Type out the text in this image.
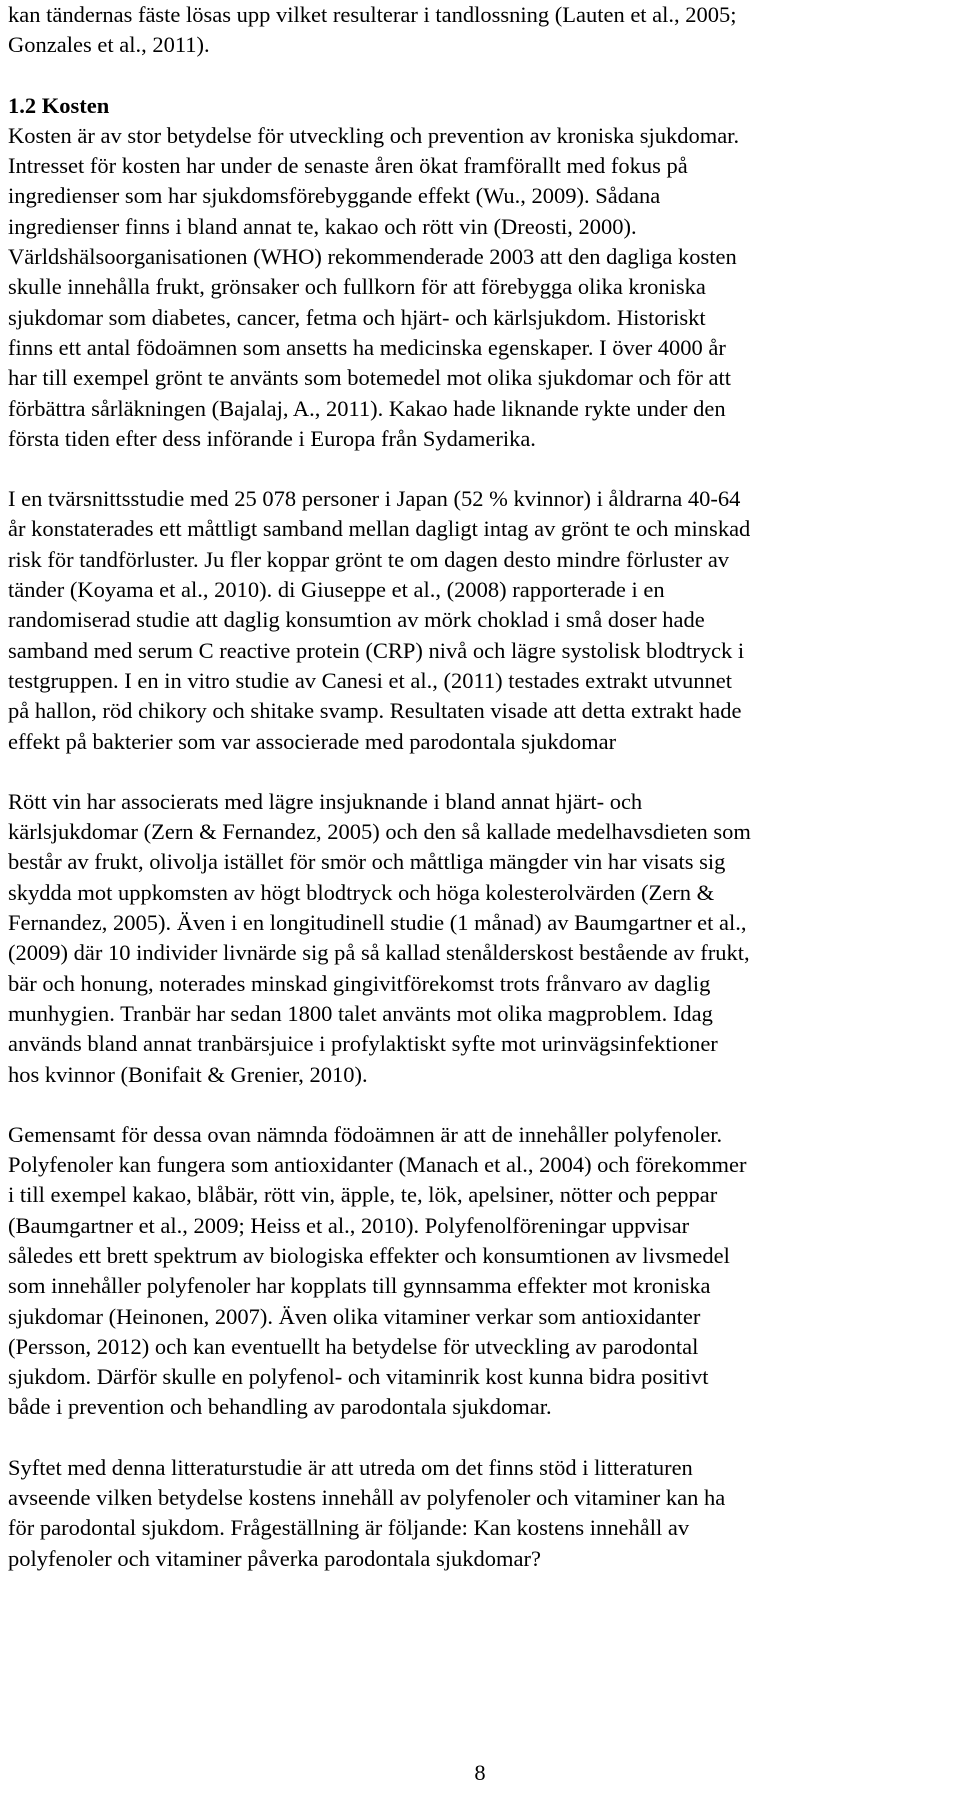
kan tändernas fäste lösas upp vilket resulterar i tandlossning (Lauten et al., 2005;
Gonzales et al., 2011).

1.2 Kosten

Kosten är av stor betydelse för utveckling och prevention av kroniska sjukdomar.
Intresset för kosten har under de senaste åren ökat framförallt med fokus på
ingredienser som har sjukdomsförebyggande effekt (Wu., 2009). Sådana
ingredienser finns i bland annat te, kakao och rött vin (Dreosti, 2000).
Världshälsoorganisationen (WHO) rekommenderade 2003 att den dagliga kosten
skulle innehålla frukt, grönsaker och fullkorn för att förebygga olika kroniska
sjukdomar som diabetes, cancer, fetma och hjärt- och kärlsjukdom. Historiskt
finns ett antal födoämnen som ansetts ha medicinska egenskaper. I över 4000 år
har till exempel grönt te använts som botemedel mot olika sjukdomar och för att
förbättra sårläkningen (Bajalaj, A., 2011). Kakao hade liknande rykte under den
första tiden efter dess införande i Europa från Sydamerika.

I en tvärsnittsstudie med 25 078 personer i Japan (52 % kvinnor) i åldrarna 40-64
år konstaterades ett måttligt samband mellan dagligt intag av grönt te och minskad
risk för tandförluster. Ju fler koppar grönt te om dagen desto mindre förluster av
tänder (Koyama et al., 2010). di Giuseppe et al., (2008) rapporterade i en
randomiserad studie att daglig konsumtion av mörk choklad i små doser hade
samband med serum C reactive protein (CRP) nivå och lägre systolisk blodtryck i
testgruppen. I en in vitro studie av Canesi et al., (2011) testades extrakt utvunnet
på hallon, röd chikory och shitake svamp. Resultaten visade att detta extrakt hade
effekt på bakterier som var associerade med parodontala sjukdomar

Rött vin har associerats med lägre insjuknande i bland annat hjärt- och
kärlsjukdomar (Zern & Fernandez, 2005) och den så kallade medelhavsdieten som
består av frukt, olivolja istället för smör och måttliga mängder vin har visats sig
skydda mot uppkomsten av högt blodtryck och höga kolesterolvärden (Zern &
Fernandez, 2005). Även i en longitudinell studie (1 månad) av Baumgartner et al.,
(2009) där 10 individer livnärde sig på så kallad stenålderskost bestående av frukt,
bär och honung, noterades minskad gingivitförekomst trots frånvaro av daglig
munhygien. Tranbär har sedan 1800 talet använts mot olika magproblem. Idag
används bland annat tranbärsjuice i profylaktiskt syfte mot urinvägsinfektioner
hos kvinnor (Bonifait & Grenier, 2010).

Gemensamt för dessa ovan nämnda födoämnen är att de innehåller polyfenoler.
Polyfenoler kan fungera som antioxidanter (Manach et al., 2004) och förekommer
i till exempel kakao, blåbär, rött vin, äpple, te, lök, apelsiner, nötter och peppar
(Baumgartner et al., 2009; Heiss et al., 2010). Polyfenolföreningar uppvisar
således ett brett spektrum av biologiska effekter och konsumtionen av livsmedel
som innehåller polyfenoler har kopplats till gynnsamma effekter mot kroniska
sjukdomar (Heinonen, 2007). Även olika vitaminer verkar som antioxidanter
(Persson, 2012) och kan eventuellt ha betydelse för utveckling av parodontal
sjukdom. Därför skulle en polyfenol- och vitaminrik kost kunna bidra positivt
både i prevention och behandling av parodontala sjukdomar.

Syftet med denna litteraturstudie är att utreda om det finns stöd i litteraturen
avseende vilken betydelse kostens innehåll av polyfenoler och vitaminer kan ha
för parodontal sjukdom. Frågeställning är följande: Kan kostens innehåll av
polyfenoler och vitaminer påverka parodontala sjukdomar?

8
